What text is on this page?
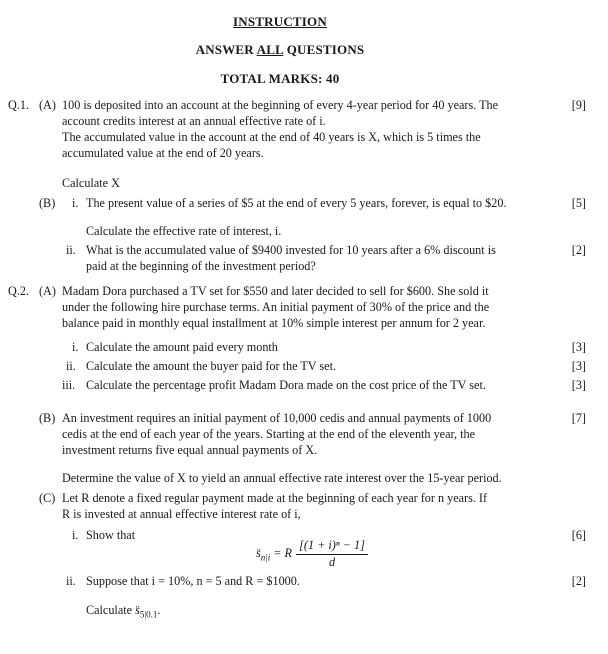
INSTRUCTION
ANSWER ALL QUESTIONS
TOTAL MARKS: 40
Q.1. (A) 100 is deposited into an account at the beginning of every 4-year period for 40 years. The	[9]
account credits interest at an annual effective rate of i.
The accumulated value in the account at the end of 40 years is X, which is 5 times the
accumulated value at the end of 20 years.
Calculate X
(B) i. The present value of a series of $5 at the end of every 5 years, forever, is equal to $20.	[5]
Calculate the effective rate of interest, i.
ii. What is the accumulated value of $9400 invested for 10 years after a 6% discount is	[2]
paid at the beginning of the investment period?
Q.2. (A) Madam Dora purchased a TV set for $550 and later decided to sell for $600. She sold it
under the following hire purchase terms. An initial payment of 30% of the price and the
balance paid in monthly equal installment at 10% simple interest per annum for 2 year.
i. Calculate the amount paid every month	[3]
ii. Calculate the amount the buyer paid for the TV set.	[3]
iii. Calculate the percentage profit Madam Dora made on the cost price of the TV set.	[3]
(B) An investment requires an initial payment of 10,000 cedis and annual payments of 1000	[7]
cedis at the end of each year of the years. Starting at the end of the eleventh year, the
investment returns five equal annual payments of X.
Determine the value of X to yield an annual effective rate interest over the 15-year period.
(C) Let R denote a fixed regular payment made at the beginning of each year for n years. If
R is invested at annual effective interest rate of i,
i. Show that	[6]
$s̈_{n|i} = R \frac{\text{[(1 + i)ⁿ − 1]}}{d}$
ii. Suppose that i = 10%, n = 5 and R = $1000.	[2]
Calculate $s̈_{5|0.1}$.
